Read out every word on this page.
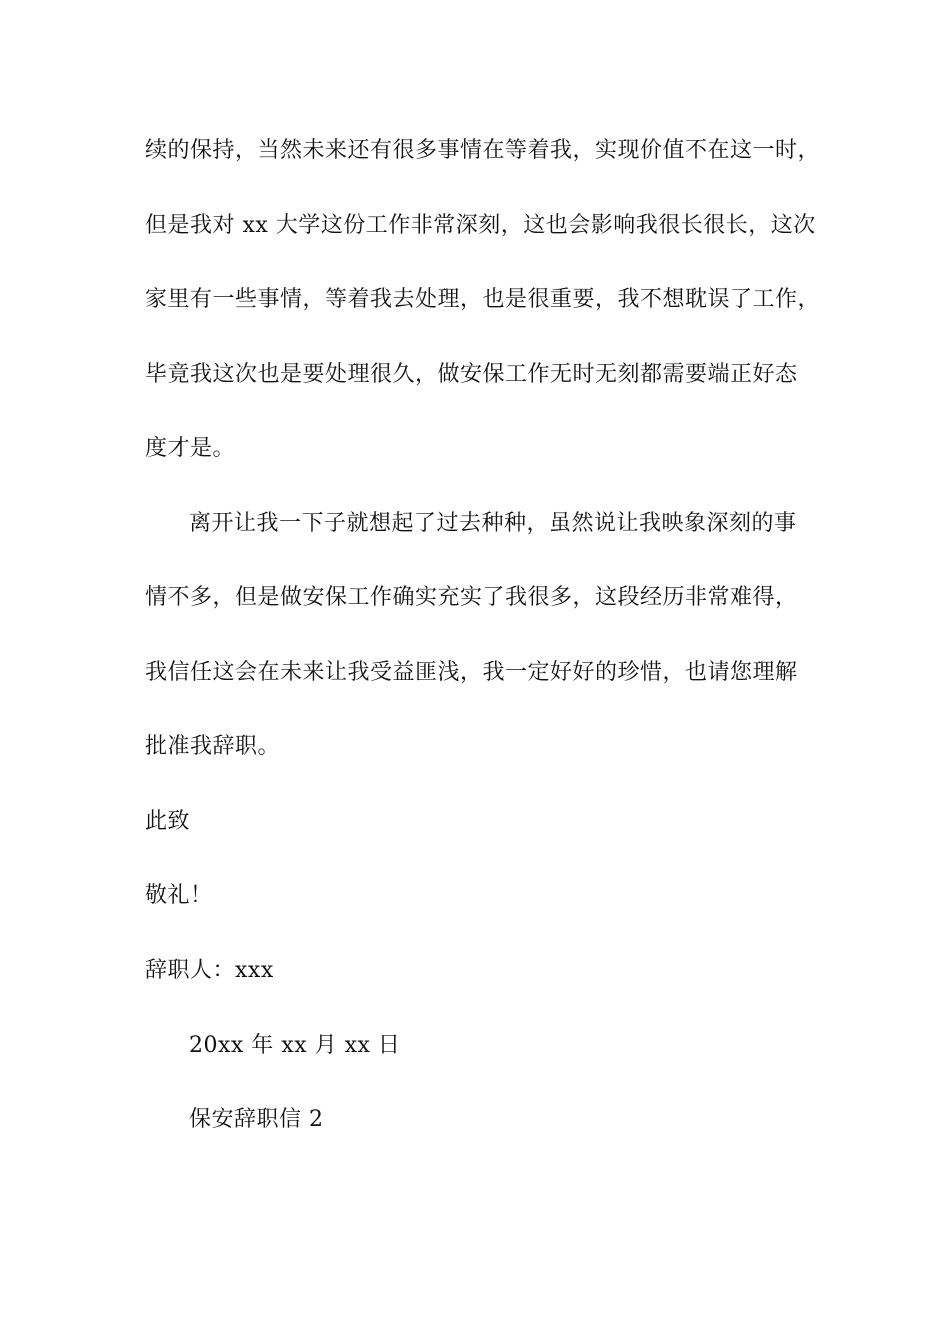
续的保持，当然未来还有很多事情在等着我，实现价值不在这一时，
但是我对 xx 大学这份工作非常深刻，这也会影响我很长很长，这次
家里有一些事情，等着我去处理，也是很重要，我不想耽误了工作，
毕竟我这次也是要处理很久，做安保工作无时无刻都需要端正好态
度才是。
离开让我一下子就想起了过去种种，虽然说让我映象深刻的事
情不多，但是做安保工作确实充实了我很多，这段经历非常难得，
我信任这会在未来让我受益匪浅，我一定好好的珍惜，也请您理解
批准我辞职。
此致
敬礼！
辞职人：xxx
20xx 年 xx 月 xx 日
保安辞职信 2
